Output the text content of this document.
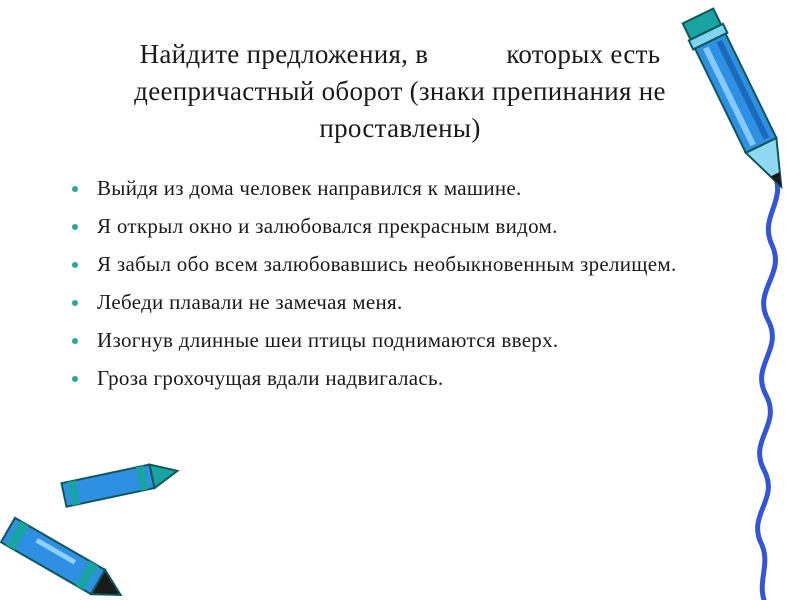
Найдите предложения, в	которых есть
деепричастный оборот (знаки препинания не
проставлены)
Выйдя из дома человек направился к машине.
Я открыл окно и залюбовался прекрасным видом.
Я забыл обо всем залюбовавшись необыкновенным зрелищем.
Лебеди плавали не замечая меня.
Изогнув длинные шеи птицы поднимаются вверх.
Гроза грохочущая вдали надвигалась.
